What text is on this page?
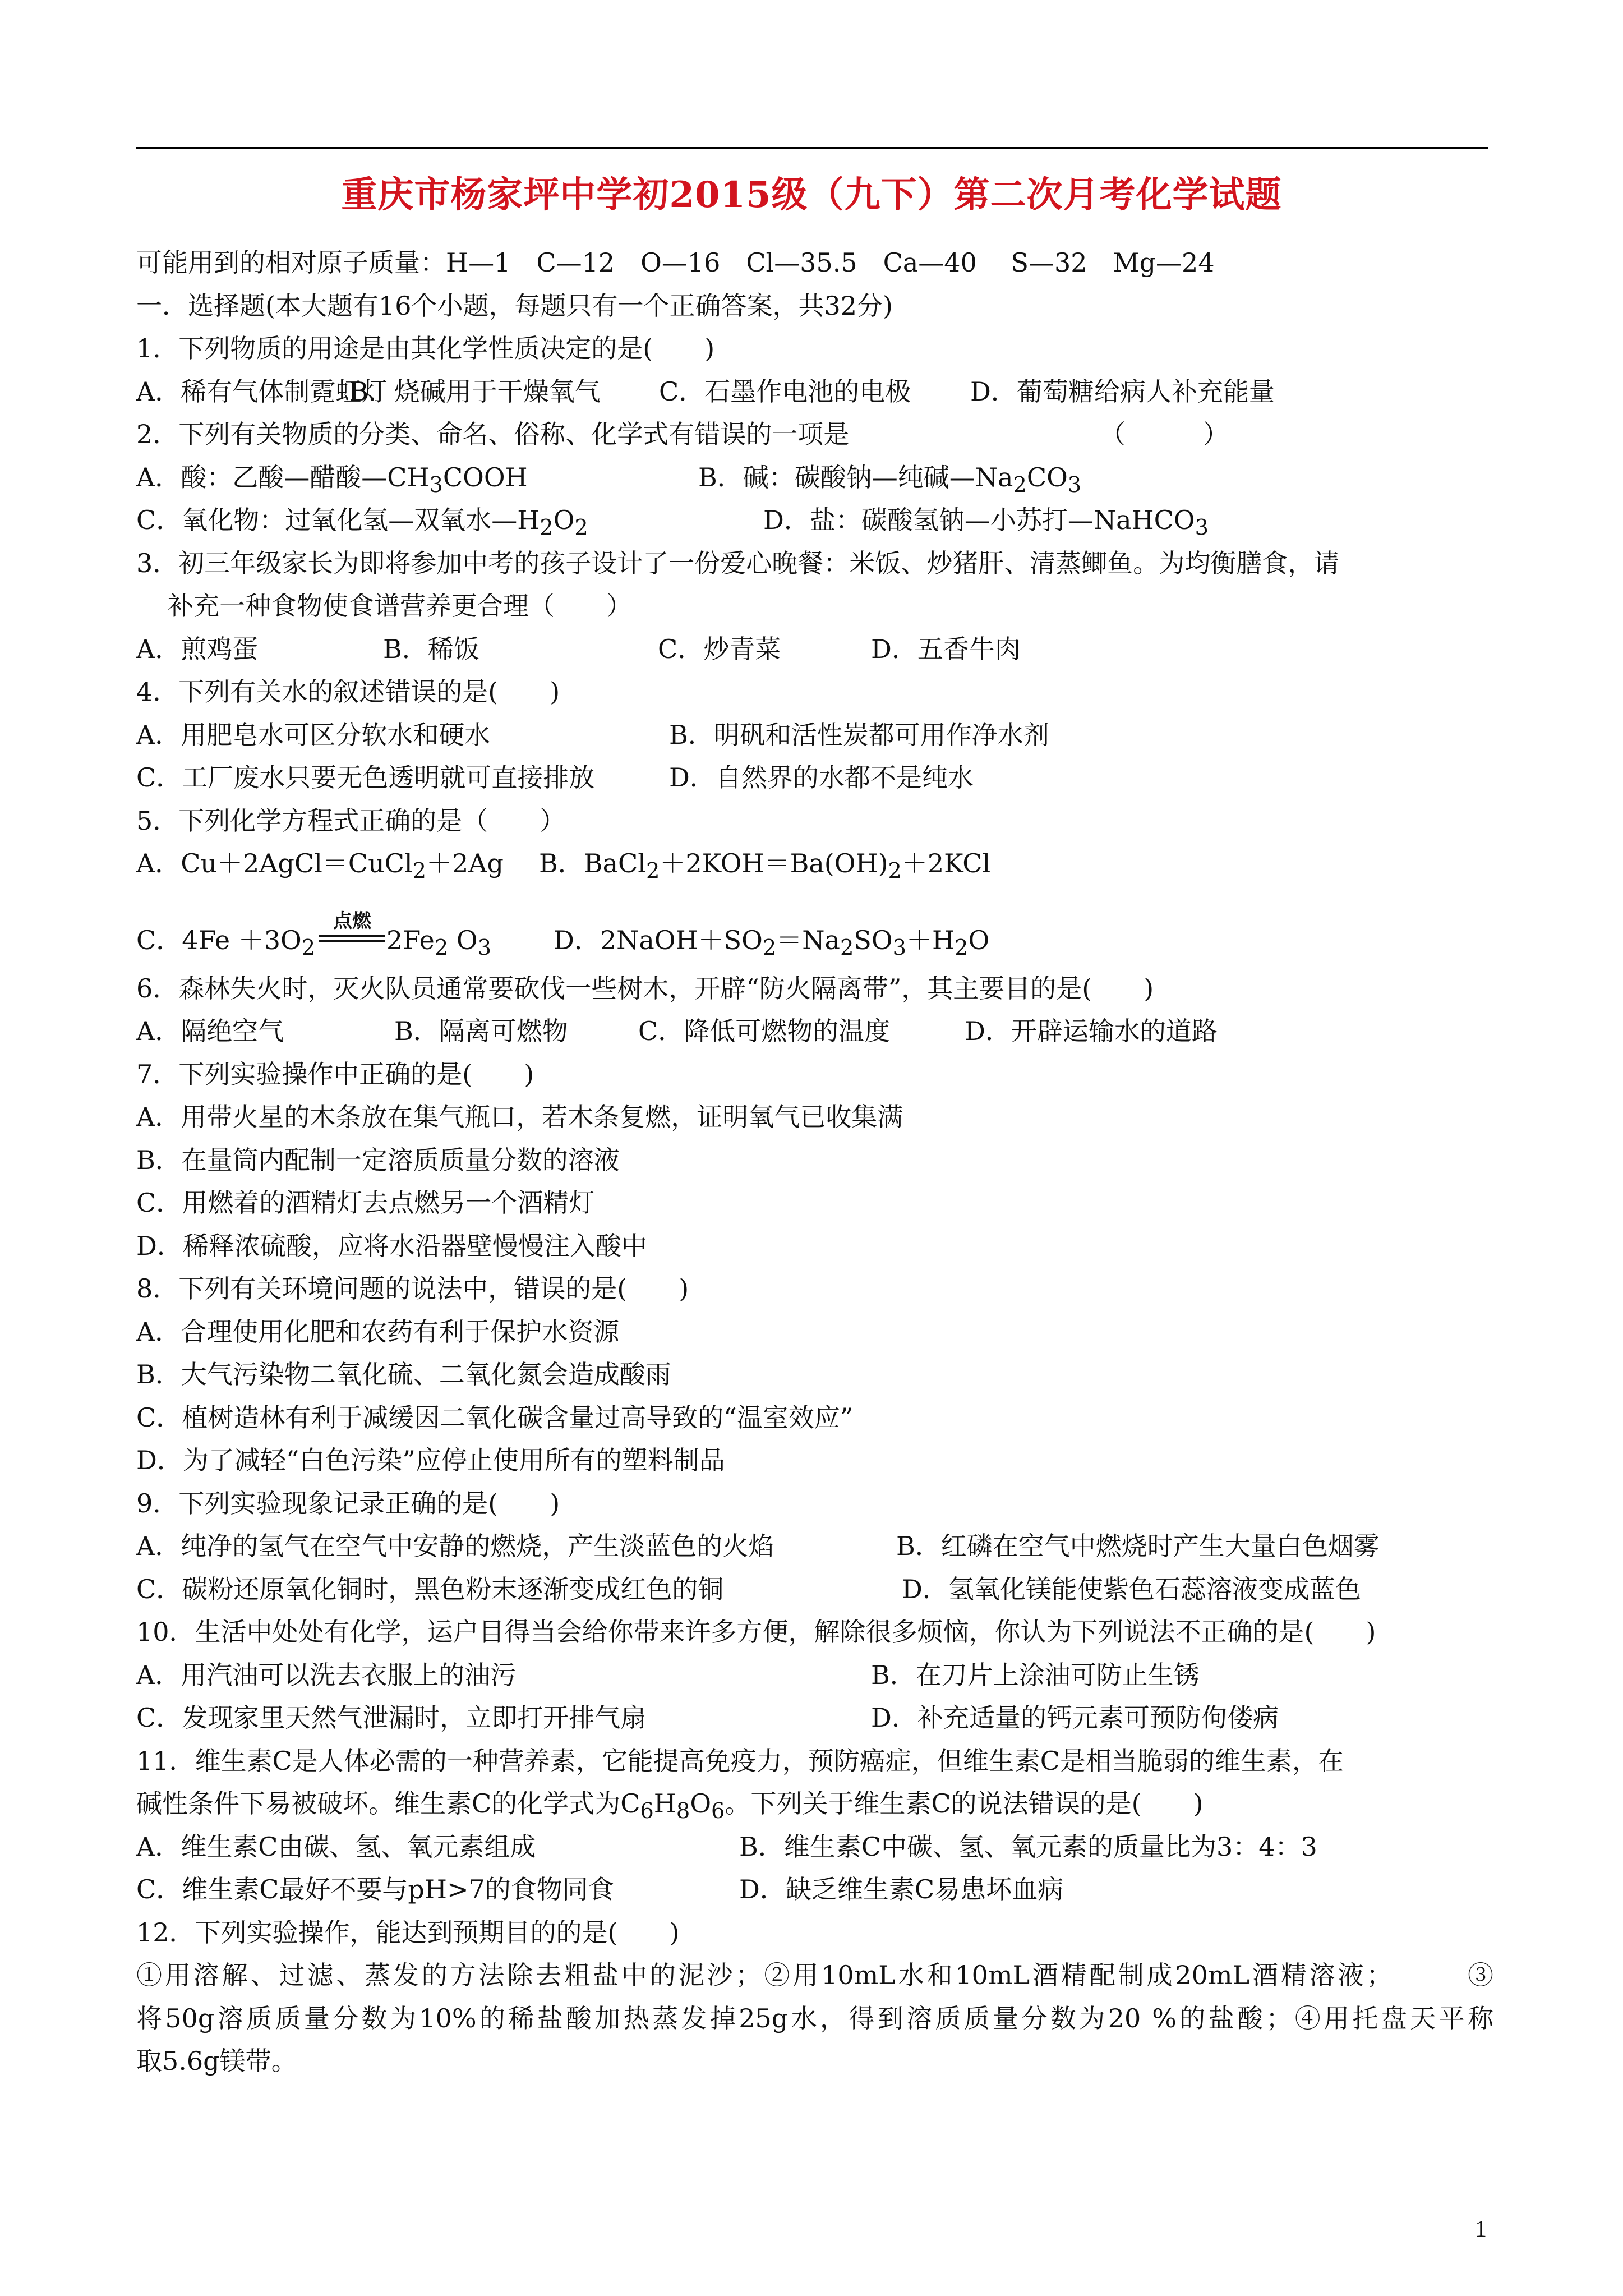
重庆市杨家坪中学初2015级（九下）第二次月考化学试题
可能用到的相对原子质量：H—1　C—12　O—16　Cl—35.5　Ca—40　 S—32　Mg—24
一．选择题(本大题有16个小题，每题只有一个正确答案，共32分)
1．下列物质的用途是由其化学性质决定的是(　　)
A．稀有气体制霓虹灯
B．烧碱用于干燥氧气	C．石墨作电池的电极	D．葡萄糖给病人补充能量
2．下列有关物质的分类、命名、俗称、化学式有错误的一项是	（　　　）
A．酸：乙酸—醋酸$—CH_3COOH$	B．碱：碳酸钠—纯碱$—Na_2CO_3$
C．氧化物：过氧化氢—双氧水$—H_2O_2$	D．盐：碳酸氢钠—小苏打—NaHCO$_3$
3．初三年级家长为即将参加中考的孩子设计了一份爱心晚餐：米饭、炒猪肝、清蒸鲫鱼。为均衡膳食，请
补充一种食物使食谱营养更合理（　　）
A．煎鸡蛋	B．稀饭	C．炒青菜	D．五香牛肉
4．下列有关水的叙述错误的是(　　)
A．用肥皂水可区分软水和硬水	B．明矾和活性炭都可用作净水剂
C．工厂废水只要无色透明就可直接排放	D．自然界的水都不是纯水
5．下列化学方程式正确的是（　　）
A．Cu＋2AgCl＝CuCl$_2$＋2Ag	B．$BaCl_2+2KOH=Ba(OH)_2+2KCl$
C．$4Fe +3O_2$
点燃
$2Fe_2$ $O_3$ D．$2NaOH+SO_2=Na_2SO_3+H_2O$
6．森林失火时，灭火队员通常要砍伐一些树木，开辟“防火隔离带”，其主要目的是(　　)
A．隔绝空气	B．隔离可燃物	C．降低可燃物的温度	D．开辟运输水的道路
7．下列实验操作中正确的是(　　)
A．用带火星的木条放在集气瓶口，若木条复燃，证明氧气已收集满
B．在量筒内配制一定溶质质量分数的溶液
C．用燃着的酒精灯去点燃另一个酒精灯
D．稀释浓硫酸，应将水沿器壁慢慢注入酸中
8．下列有关环境问题的说法中，错误的是(　　)
A．合理使用化肥和农药有利于保护水资源
B．大气污染物二氧化硫、二氧化氮会造成酸雨
C．植树造林有利于减缓因二氧化碳含量过高导致的“温室效应”
D．为了减轻“白色污染”应停止使用所有的塑料制品
9．下列实验现象记录正确的是(　　)
A．纯净的氢气在空气中安静的燃烧，产生淡蓝色的火焰	B．红磷在空气中燃烧时产生大量白色烟雾
C．碳粉还原氧化铜时，黑色粉末逐渐变成红色的铜	D．氢氧化镁能使紫色石蕊溶液变成蓝色
10．生活中处处有化学，运户目得当会给你带来许多方便，解除很多烦恼，你认为下列说法不正确的是(　　)
A．用汽油可以洗去衣服上的油污	B．在刀片上涂油可防止生锈
C．发现家里天然气泄漏时，立即打开排气扇	D．补充适量的钙元素可预防佝偻病
11．维生素C是人体必需的一种营养素，它能提高免疫力，预防癌症，但维生素C是相当脆弱的维生素，在
碱性条件下易被破坏。维生素C的化学式为$C_6H_8O_6$。下列关于维生素C的说法错误的是(　　)
A．维生素C由碳、氢、氧元素组成	B．维生素C中碳、氢、氧元素的质量比为3：4：3
C．维生素C最好不要与pH>7的食物同食	D．缺乏维生素C易患坏血病
12．下列实验操作，能达到预期目的的是(　　)
①用溶解、过滤、蒸发的方法除去粗盐中的泥沙；②用10mL水和10mL酒精配制成20mL酒精溶液；　　　③
将50g溶质质量分数为10%的稀盐酸加热蒸发掉25g水，得到溶质质量分数为20 %的盐酸；④用托盘天平称
取5.6g镁带。
1
